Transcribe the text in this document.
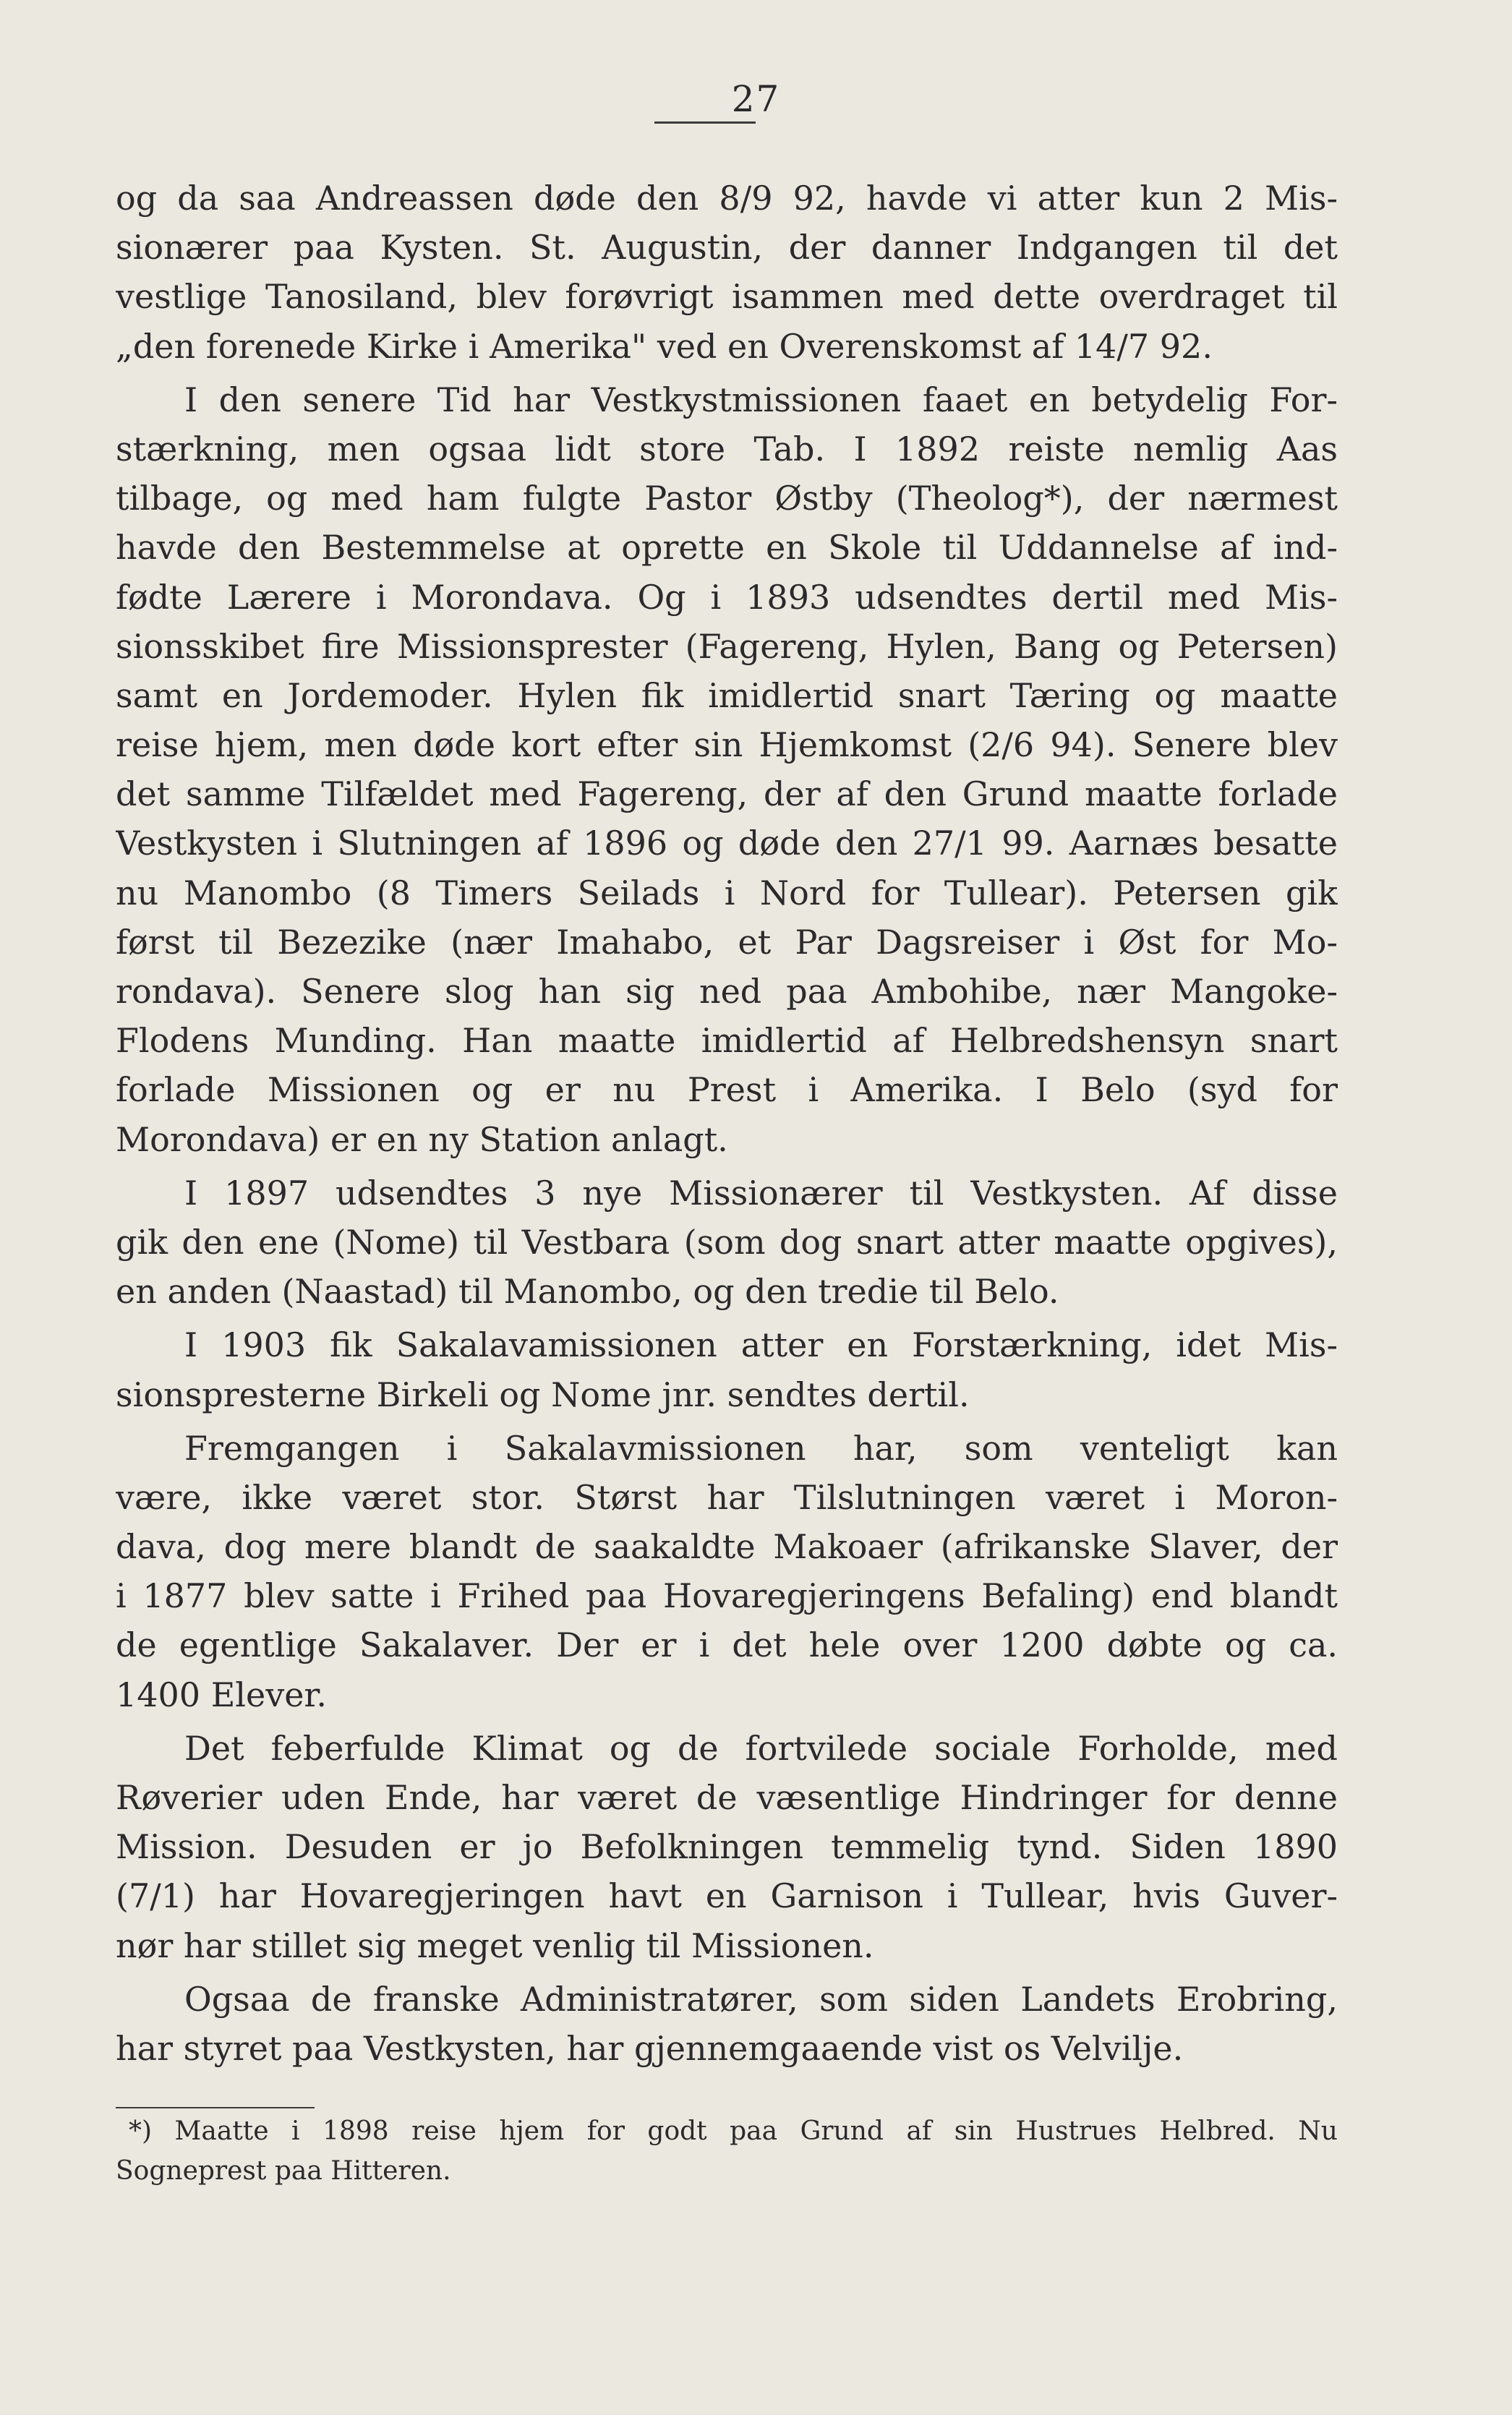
27
og da saa Andreassen døde den 8/9 92, havde vi atter kun 2 Mis-
sionærer paa Kysten. St. Augustin, der danner Indgangen til det
vestlige Tanosiland, blev forøvrigt isammen med dette overdraget til
„den forenede Kirke i Amerika" ved en Overenskomst af 14/7 92.
I den senere Tid har Vestkystmissionen faaet en betydelig For-
stærkning, men ogsaa lidt store Tab. I 1892 reiste nemlig Aas
tilbage, og med ham fulgte Pastor Østby (Theolog*), der nærmest
havde den Bestemmelse at oprette en Skole til Uddannelse af ind-
fødte Lærere i Morondava. Og i 1893 udsendtes dertil med Mis-
sionsskibet fire Missionsprester (Fagereng, Hylen, Bang og Petersen)
samt en Jordemoder. Hylen fik imidlertid snart Tæring og maatte
reise hjem, men døde kort efter sin Hjemkomst (2/6 94). Senere blev
det samme Tilfældet med Fagereng, der af den Grund maatte forlade
Vestkysten i Slutningen af 1896 og døde den 27/1 99. Aarnæs besatte
nu Manombo (8 Timers Seilads i Nord for Tullear). Petersen gik
først til Bezezike (nær Imahabo, et Par Dagsreiser i Øst for Mo-
rondava). Senere slog han sig ned paa Ambohibe, nær Mangoke-
Flodens Munding. Han maatte imidlertid af Helbredshensyn snart
forlade Missionen og er nu Prest i Amerika. I Belo (syd for
Morondava) er en ny Station anlagt.
I 1897 udsendtes 3 nye Missionærer til Vestkysten. Af disse
gik den ene (Nome) til Vestbara (som dog snart atter maatte opgives),
en anden (Naastad) til Manombo, og den tredie til Belo.
I 1903 fik Sakalavamissionen atter en Forstærkning, idet Mis-
sionspresterne Birkeli og Nome jnr. sendtes dertil.
Fremgangen i Sakalavmissionen har, som venteligt kan
være, ikke været stor. Størst har Tilslutningen været i Moron-
dava, dog mere blandt de saakaldte Makoaer (afrikanske Slaver, der
i 1877 blev satte i Frihed paa Hovaregjeringens Befaling) end blandt
de egentlige Sakalaver. Der er i det hele over 1200 døbte og ca.
1400 Elever.
Det feberfulde Klimat og de fortvilede sociale Forholde, med
Røverier uden Ende, har været de væsentlige Hindringer for denne
Mission. Desuden er jo Befolkningen temmelig tynd. Siden 1890
(7/1) har Hovaregjeringen havt en Garnison i Tullear, hvis Guver-
nør har stillet sig meget venlig til Missionen.
Ogsaa de franske Administratører, som siden Landets Erobring,
har styret paa Vestkysten, har gjennemgaaende vist os Velvilje.
*) Maatte i 1898 reise hjem for godt paa Grund af sin Hustrues Helbred. Nu
Sognеprest paa Hitteren.
